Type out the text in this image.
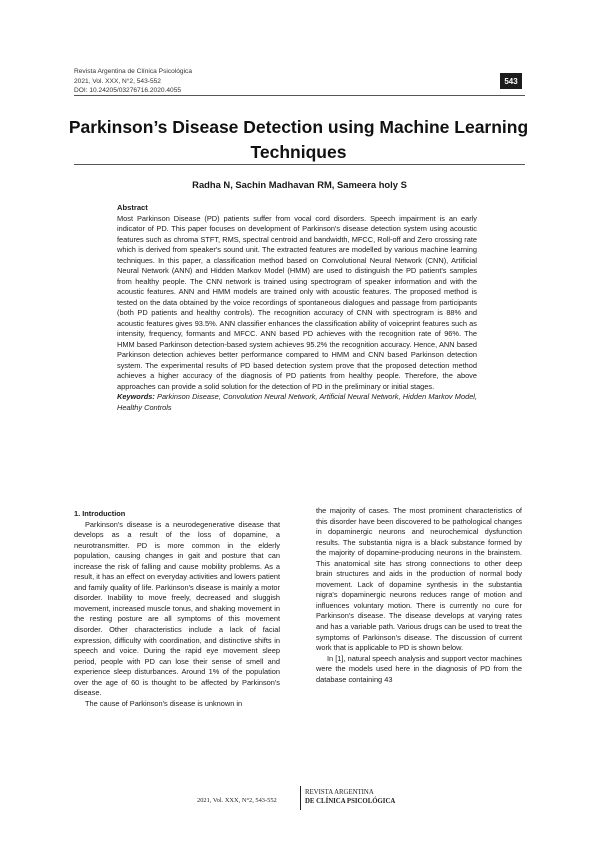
Revista Argentina de Clínica Psicológica
2021, Vol. XXX, N°2, 543-552
DOI: 10.24205/03276716.2020.4055
543
Parkinson’s Disease Detection using Machine Learning Techniques
Radha N, Sachin Madhavan RM, Sameera holy S

Abstract

Most Parkinson Disease (PD) patients suffer from vocal cord disorders. Speech impairment is an early indicator of PD. This paper focuses on development of Parkinson's disease detection system using acoustic features such as chroma STFT, RMS, spectral centroid and bandwidth, MFCC, Roll-off and Zero crossing rate which is derived from speaker's sound unit. The extracted features are modelled by various machine learning techniques. In this paper, a classification method based on Convolutional Neural Network (CNN), Artificial Neural Network (ANN) and Hidden Markov Model (HMM) are used to distinguish the PD patient's samples from healthy people. The CNN network is trained using spectrogram of speaker information and with the acoustic features. ANN and HMM models are trained only with acoustic features. The proposed method is tested on the data obtained by the voice recordings of spontaneous dialogues and passage from participants (both PD patients and healthy controls). The recognition accuracy of CNN with spectrogram is 88% and acoustic features gives 93.5%. ANN classifier enhances the classification ability of voiceprint features such as intensity, frequency, formants and MFCC. ANN based PD achieves with the recognition rate of 96%. The HMM based Parkinson detection-based system achieves 95.2% the recognition accuracy. Hence, ANN based Parkinson detection achieves better performance compared to HMM and CNN based Parkinson detection system. The experimental results of PD based detection system prove that the proposed detection method achieves a higher accuracy of the diagnosis of PD patients from healthy people. Therefore, the above approaches can provide a solid solution for the detection of PD in the preliminary or initial stages.

Keywords: Parkinson Disease, Convolution Neural Network, Artificial Neural Network, Hidden Markov Model, Healthy Controls

1. Introduction

Parkinson's disease is a neurodegenerative disease that develops as a result of the loss of dopamine, a neurotransmitter. PD is more common in the elderly population, causing changes in gait and posture that can increase the risk of falling and cause mobility problems. As a result, it has an effect on everyday activities and lowers patient and family quality of life. Parkinson's disease is mainly a motor disorder. Inability to move freely, decreased and sluggish movement, increased muscle tonus, and shaking movement in the resting posture are all symptoms of this movement disorder. Other characteristics include a lack of facial expression, difficulty with coordination, and distinctive shifts in speech and voice. During the rapid eye movement sleep period, people with PD can lose their sense of smell and experience sleep disturbances. Around 1% of the population over the age of 60 is thought to be affected by Parkinson's disease.

The cause of Parkinson's disease is unknown in

the majority of cases. The most prominent characteristics of this disorder have been discovered to be pathological changes in dopaminergic neurons and neurochemical dysfunction results. The substantia nigra is a black substance formed by the majority of dopamine-producing neurons in the brainstem. This anatomical site has strong connections to other deep brain structures and aids in the production of normal body movement. Lack of dopamine synthesis in the substantia nigra's dopaminergic neurons reduces range of motion and influences voluntary motion. There is currently no cure for Parkinson's disease. The disease develops at varying rates and has a variable path. Various drugs can be used to treat the symptoms of Parkinson's disease. The discussion of current work that is applicable to PD is shown below.

In [1], natural speech analysis and support vector machines were the models used here in the diagnosis of PD from the database containing 43

2021, Vol. XXX, N°2, 543-552
REVISTA ARGENTINA
DE CLÍNICA PSICOLÓGICA
